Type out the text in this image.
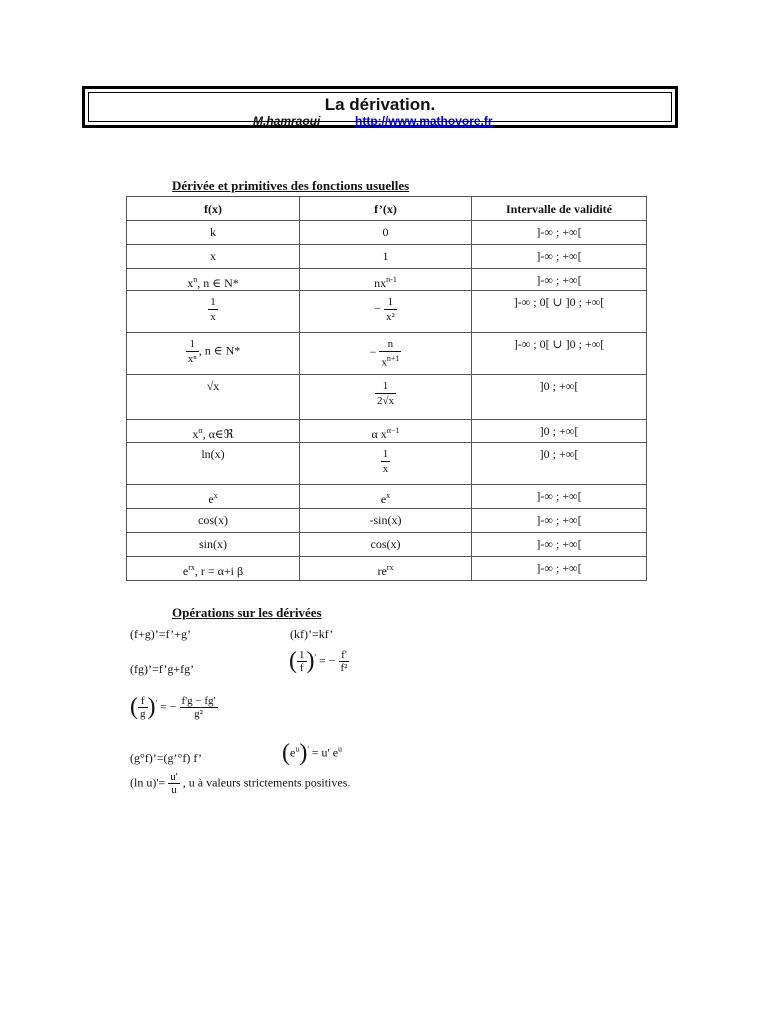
La dérivation.
M.hamraoui	http://www.mathovore.fr
Dérivée et primitives des fonctions usuelles
f(x)	f’(x)	Intervalle de validité

k	0	]-∞ ; +∞[

x	1	]-∞ ; +∞[

$x^n$, n ∈ N*	$nx^{n-1}$	]-∞ ; +∞[

$\frac{1}{x}$	− $\frac{1}{\text{x²}}$	]-∞ ; 0[ ∪ ]0 ; +∞[

$\frac{1}{\text{xⁿ}}$ , n ∈ N*	− $\frac{n}{x^{n+1}}$	]-∞ ; 0[ ∪ ]0 ; +∞[

√x	$\frac{1}{2√x}$	]0 ; +∞[

$x^\alpha$, α∈ℜ	α $x^{\alpha-1}$	]0 ; +∞[

ln(x)	$\frac{1}{x}$	]0 ; +∞[

$e^x$	$e^x$	]-∞ ; +∞[

cos(x)	-sin(x)	]-∞ ; +∞[

sin(x)	cos(x)	]-∞ ; +∞[

$e^{rx}$, r = α+i β	$re^{rx}$	]-∞ ; +∞[
Opérations sur les dérivées
(f+g)’=f’+g’	(kf)’=kf’
(fg)’=f’g+fg’	( $\frac{1}{f} )'$ = − $\frac{f'}{\text{f²}}$
( $\frac{f}{g} )'$ = − $\frac{f'g - fg'}{\text{g²}}$
(g°f)’=(g’°f) f’	$(e^u)' = u'$ $e^u$
(ln $u)'= \frac{u'}{u}$ , u à valeurs strictements positives.
